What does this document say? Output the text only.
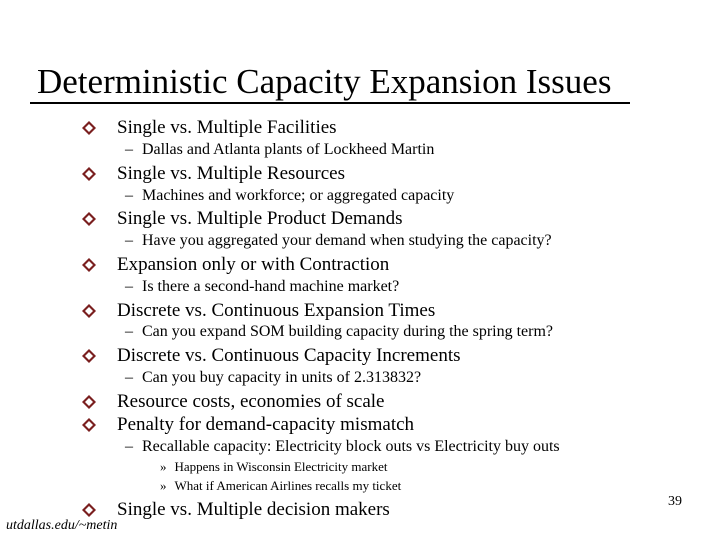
Deterministic Capacity Expansion Issues
Single vs. Multiple Facilities
– Dallas and Atlanta plants of Lockheed Martin
Single vs. Multiple Resources
– Machines and workforce; or aggregated capacity
Single vs. Multiple Product Demands
– Have you aggregated your demand when studying the capacity?
Expansion only or with Contraction
– Is there a second-hand machine market?
Discrete vs. Continuous Expansion Times
– Can you expand SOM building capacity during the spring term?
Discrete vs. Continuous Capacity Increments
– Can you buy capacity in units of 2.313832?
Resource costs, economies of scale
Penalty for demand-capacity mismatch
– Recallable capacity: Electricity block outs vs Electricity buy outs
» Happens in Wisconsin Electricity market
» What if American Airlines recalls my ticket
Single vs. Multiple decision makers
utdallas.edu/~metin
39
